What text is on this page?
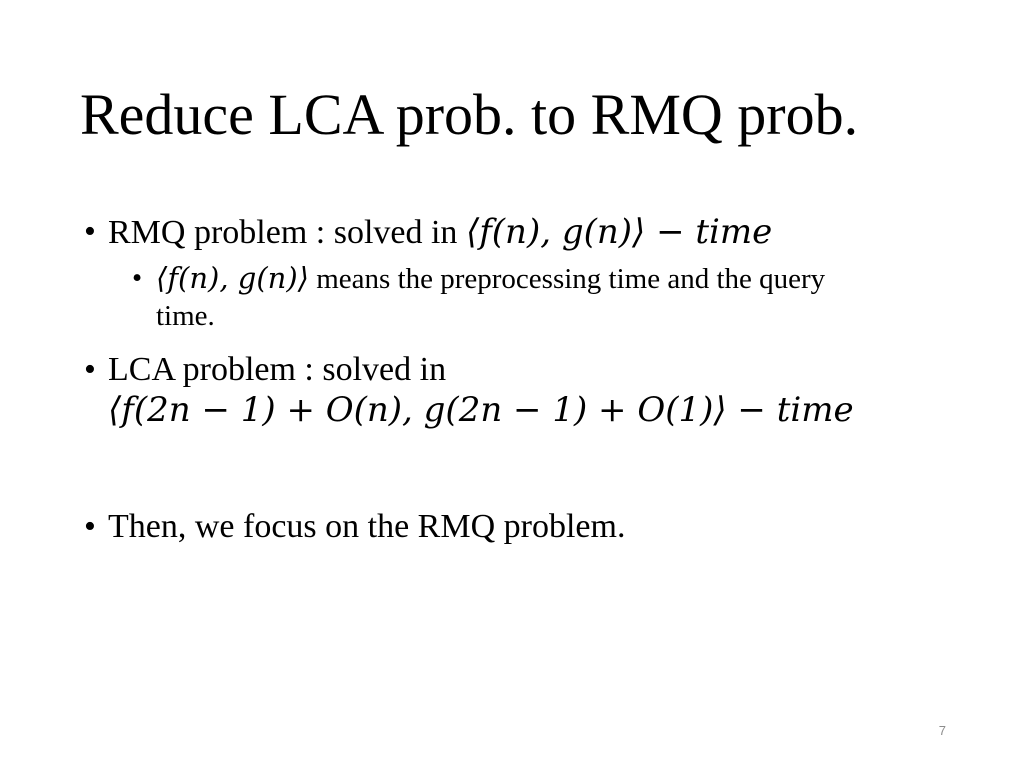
Reduce LCA prob. to RMQ prob.
• RMQ problem : solved in ⟨𝑓(𝑛), 𝑔(𝑛)⟩ − 𝑡𝑖𝑚𝑒
• ⟨𝑓(𝑛), 𝑔(𝑛)⟩ means the preprocessing time and the query
time.
• LCA problem : solved in
⟨𝑓(2𝑛 − 1) + 𝑂(𝑛), 𝑔(2𝑛 − 1) + 𝑂(1)⟩ − 𝑡𝑖𝑚𝑒
• Then, we focus on the RMQ problem.
7
